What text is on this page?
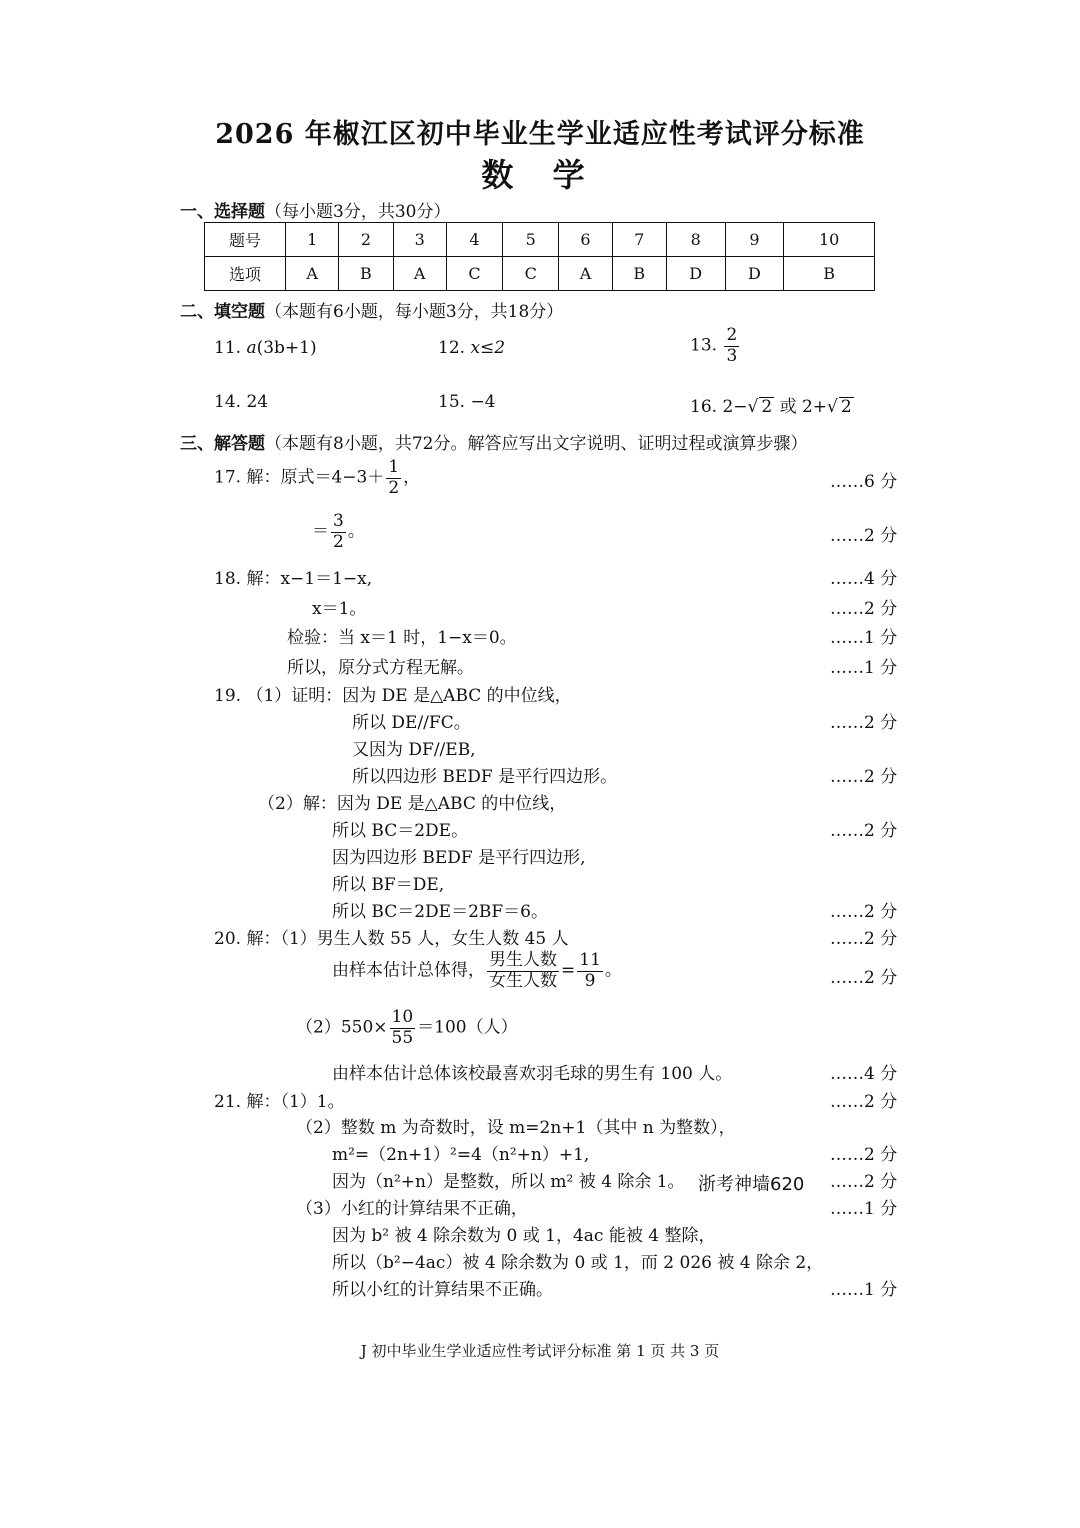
2026 年椒江区初中毕业生学业适应性考试评分标准
数 学
一、选择题（每小题3分，共30分）
题号	1	2	3	4	5	6	7	8	9	10
选项	A	B	A	C	C	A	B	D	D	B
二、填空题（本题有6小题，每小题3分，共18分）
11. a(3b+1)	12. x≤2	13. $\frac{2}{3}$
14. 24	15. −4	16. 2−√ 2 或 2+√ 2
三、解答题（本题有8小题，共72分。解答应写出文字说明、证明过程或演算步骤）
17. 解：原式$=4-3+ \frac{1}{2}$ ，	……6 分
＝ $\frac{3}{2}$ 。	……2 分
18. 解：x−1＝1−x,	……4 分
x＝1。	……2 分
检验：当 x＝1 时，1−x＝0。	……1 分
所以，原分式方程无解。	……1 分
19. （1）证明：因为 DE 是△ABC 的中位线，
所以 DE//FC。	……2 分
又因为 DF//EB,
所以四边形 BEDF 是平行四边形。	……2 分
（2）解：因为 DE 是△ABC 的中位线，
所以 BC＝2DE。	……2 分
因为四边形 BEDF 是平行四边形,
所以 BF＝DE,
所以 BC＝2DE＝2BF＝6。	……2 分
20. 解：（1）男生人数 55 人，女生人数 45 人	……2 分
由样本估计总体得， $\frac{\text{男生人数}}{\text{女生人数}} = \frac{11}{9}$ 。	……2 分
$(2)550\times \frac{10}{55} =100$（人）
由样本估计总体该校最喜欢羽毛球的男生有 100 人。	……4 分
21. 解：（1）1。	……2 分
（2）整数 m 为奇数时，设 m=2n+1（其中 n 为整数），
m²=（2n+1）²=4（n²+n）+1,	……2 分
因为（n²+n）是整数，所以 m² 被 4 除余 1。 浙考神墙620 ……2 分
（3）小红的计算结果不正确，	……1 分
因为 b² 被 4 除余数为 0 或 1，4ac 能被 4 整除，
所以（b²−4ac）被 4 除余数为 0 或 1，而 2 026 被 4 除余 2，
所以小红的计算结果不正确。	……1 分
J 初中毕业生学业适应性考试评分标准 第 1 页 共 3 页
